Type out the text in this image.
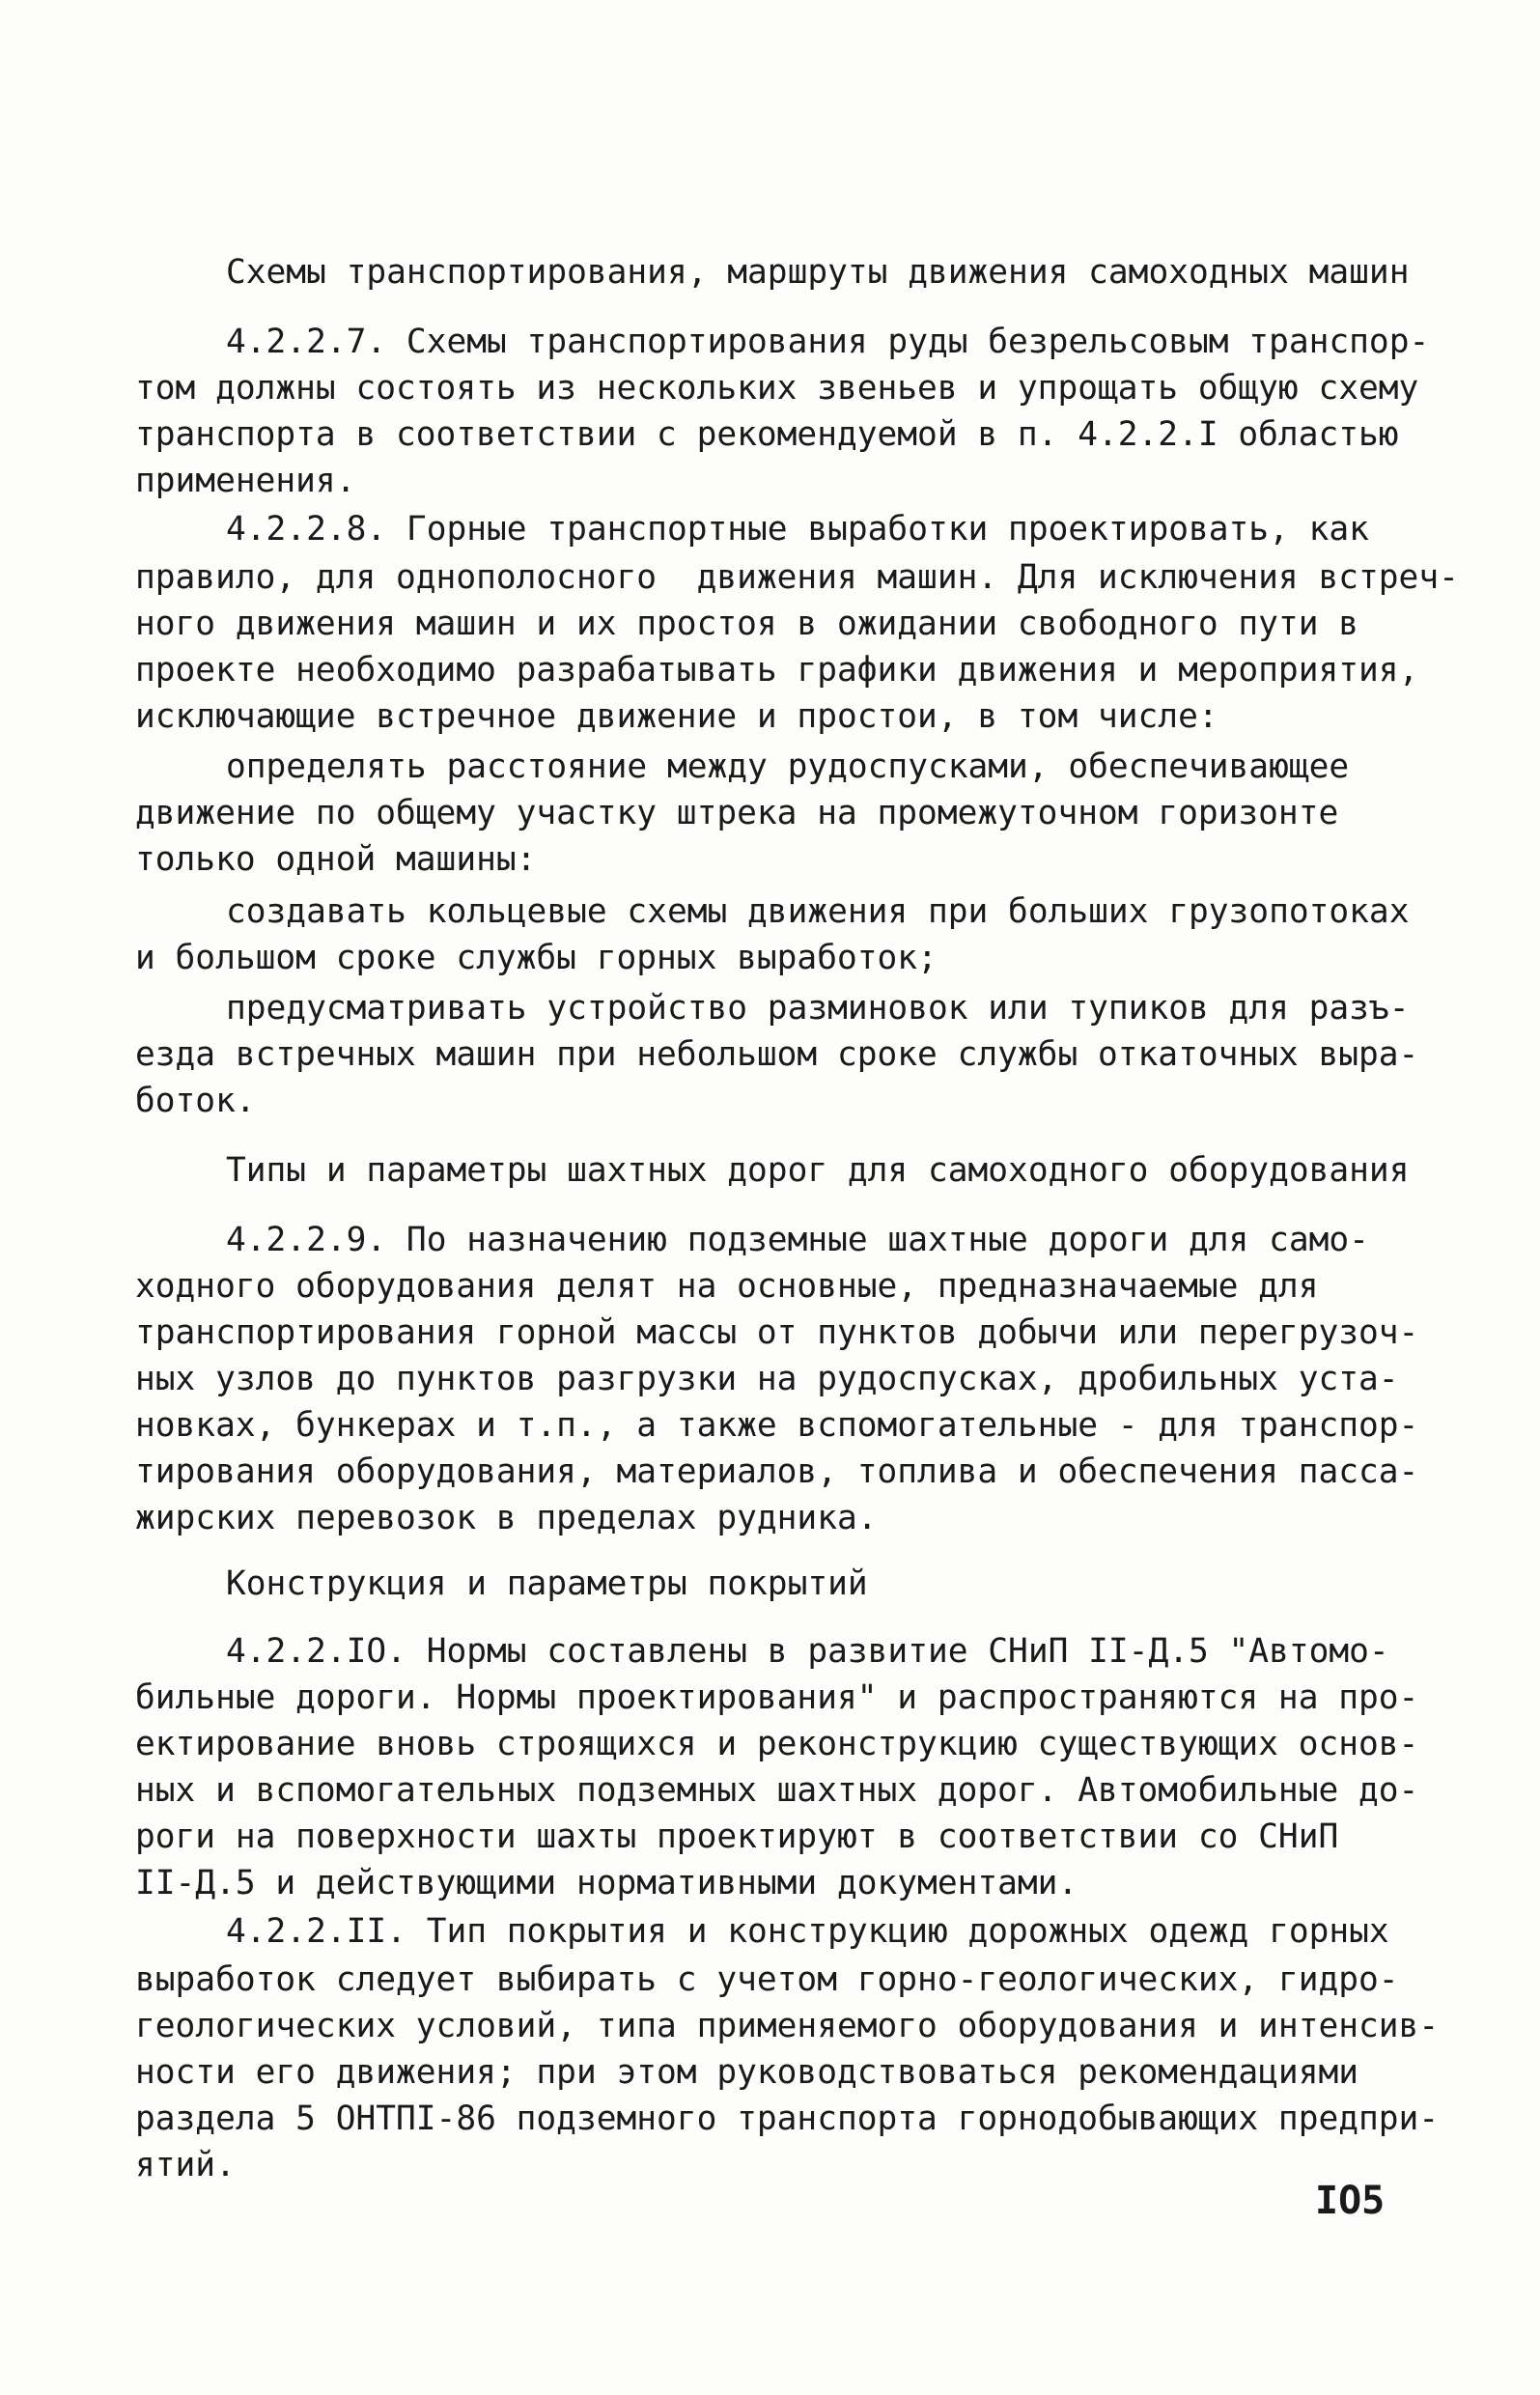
Схемы транспортирования, маршруты движения самоходных машин
4.2.2.7. Схемы транспортирования руды безрельсовым транспор-
том должны состоять из нескольких звеньев и упрощать общую схему
транспорта в соответствии с рекомендуемой в п. 4.2.2.I областью
применения.
4.2.2.8. Горные транспортные выработки проектировать, как
правило, для однополосного  движения машин. Для исключения встреч-
ного движения машин и их простоя в ожидании свободного пути в
проекте необходимо разрабатывать графики движения и мероприятия,
исключающие встречное движение и простои, в том числе:
определять расстояние между рудоспусками, обеспечивающее
движение по общему участку штрека на промежуточном горизонте
только одной машины:
создавать кольцевые схемы движения при больших грузопотоках
и большом сроке службы горных выработок;
предусматривать устройство разминовок или тупиков для разъ-
езда встречных машин при небольшом сроке службы откаточных выра-
боток.
Типы и параметры шахтных дорог для самоходного оборудования
4.2.2.9. По назначению подземные шахтные дороги для само-
ходного оборудования делят на основные, предназначаемые для
транспортирования горной массы от пунктов добычи или перегрузоч-
ных узлов до пунктов разгрузки на рудоспусках, дробильных уста-
новках, бункерах и т.п., а также вспомогательные - для транспор-
тирования оборудования, материалов, топлива и обеспечения пасса-
жирских перевозок в пределах рудника.
Конструкция и параметры покрытий
4.2.2.IO. Нормы составлены в развитие СНиП II-Д.5 "Автомо-
бильные дороги. Нормы проектирования" и распространяются на про-
ектирование вновь строящихся и реконструкцию существующих основ-
ных и вспомогательных подземных шахтных дорог. Автомобильные до-
роги на поверхности шахты проектируют в соответствии со СНиП
II-Д.5 и действующими нормативными документами.
4.2.2.II. Тип покрытия и конструкцию дорожных одежд горных
выработок следует выбирать с учетом горно-геологических, гидро-
геологических условий, типа применяемого оборудования и интенсив-
ности его движения; при этом руководствоваться рекомендациями
раздела 5 ОНТПI-86 подземного транспорта горнодобывающих предпри-
ятий.
IO5
